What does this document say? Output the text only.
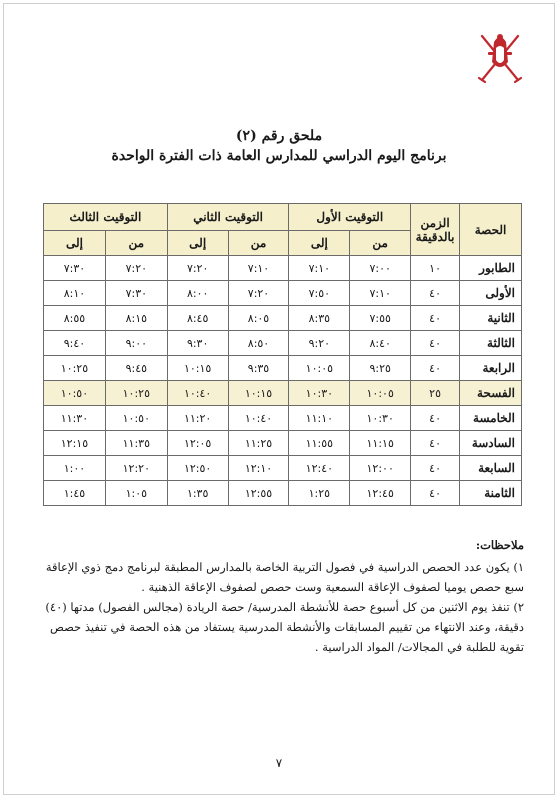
ملحق رقم (٢)
برنامج اليوم الدراسي للمدارس العامة ذات الفترة الواحدة
الحصة	الزمن بالدقيقة	التوقيت الأول		التوقيت الثاني		التوقيت الثالث	
		من	إلى	من	إلى	من	إلى
الطابور	١٠	٧:٠٠	٧:١٠	٧:١٠	٧:٢٠	٧:٢٠	٧:٣٠
الأولى	٤٠	٧:١٠	٧:٥٠	٧:٢٠	٨:٠٠	٧:٣٠	٨:١٠
الثانية	٤٠	٧:٥٥	٨:٣٥	٨:٠٥	٨:٤٥	٨:١٥	٨:٥٥
الثالثة	٤٠	٨:٤٠	٩:٢٠	٨:٥٠	٩:٣٠	٩:٠٠	٩:٤٠
الرابعة	٤٠	٩:٢٥	١٠:٠٥	٩:٣٥	١٠:١٥	٩:٤٥	١٠:٢٥
الفسحة	٢٥	١٠:٠٥	١٠:٣٠	١٠:١٥	١٠:٤٠	١٠:٢٥	١٠:٥٠
الخامسة	٤٠	١٠:٣٠	١١:١٠	١٠:٤٠	١١:٢٠	١٠:٥٠	١١:٣٠
السادسة	٤٠	١١:١٥	١١:٥٥	١١:٢٥	١٢:٠٥	١١:٣٥	١٢:١٥
السابعة	٤٠	١٢:٠٠	١٢:٤٠	١٢:١٠	١٢:٥٠	١٢:٢٠	١:٠٠
الثامنة	٤٠	١٢:٤٥	١:٢٥	١٢:٥٥	١:٣٥	١:٠٥	١:٤٥
ملاحظات:

١) يكون عدد الحصص الدراسية في فصول التربية الخاصة بالمدارس المطبقة لبرنامج دمج ذوي الإعاقة سبع حصص يوميا لصفوف الإعاقة السمعية وست حصص لصفوف الإعاقة الذهنية .

٢) تنفذ يوم الاثنين من كل أسبوع حصة للأنشطة المدرسية/ حصة الريادة (مجالس الفصول) مدتها (٤٠) دقيقة، وعند الانتهاء من تقييم المسابقات والأنشطة المدرسية يستفاد من هذه الحصة في تنفيذ حصص تقوية للطلبة في المجالات/ المواد الدراسية .

٧
